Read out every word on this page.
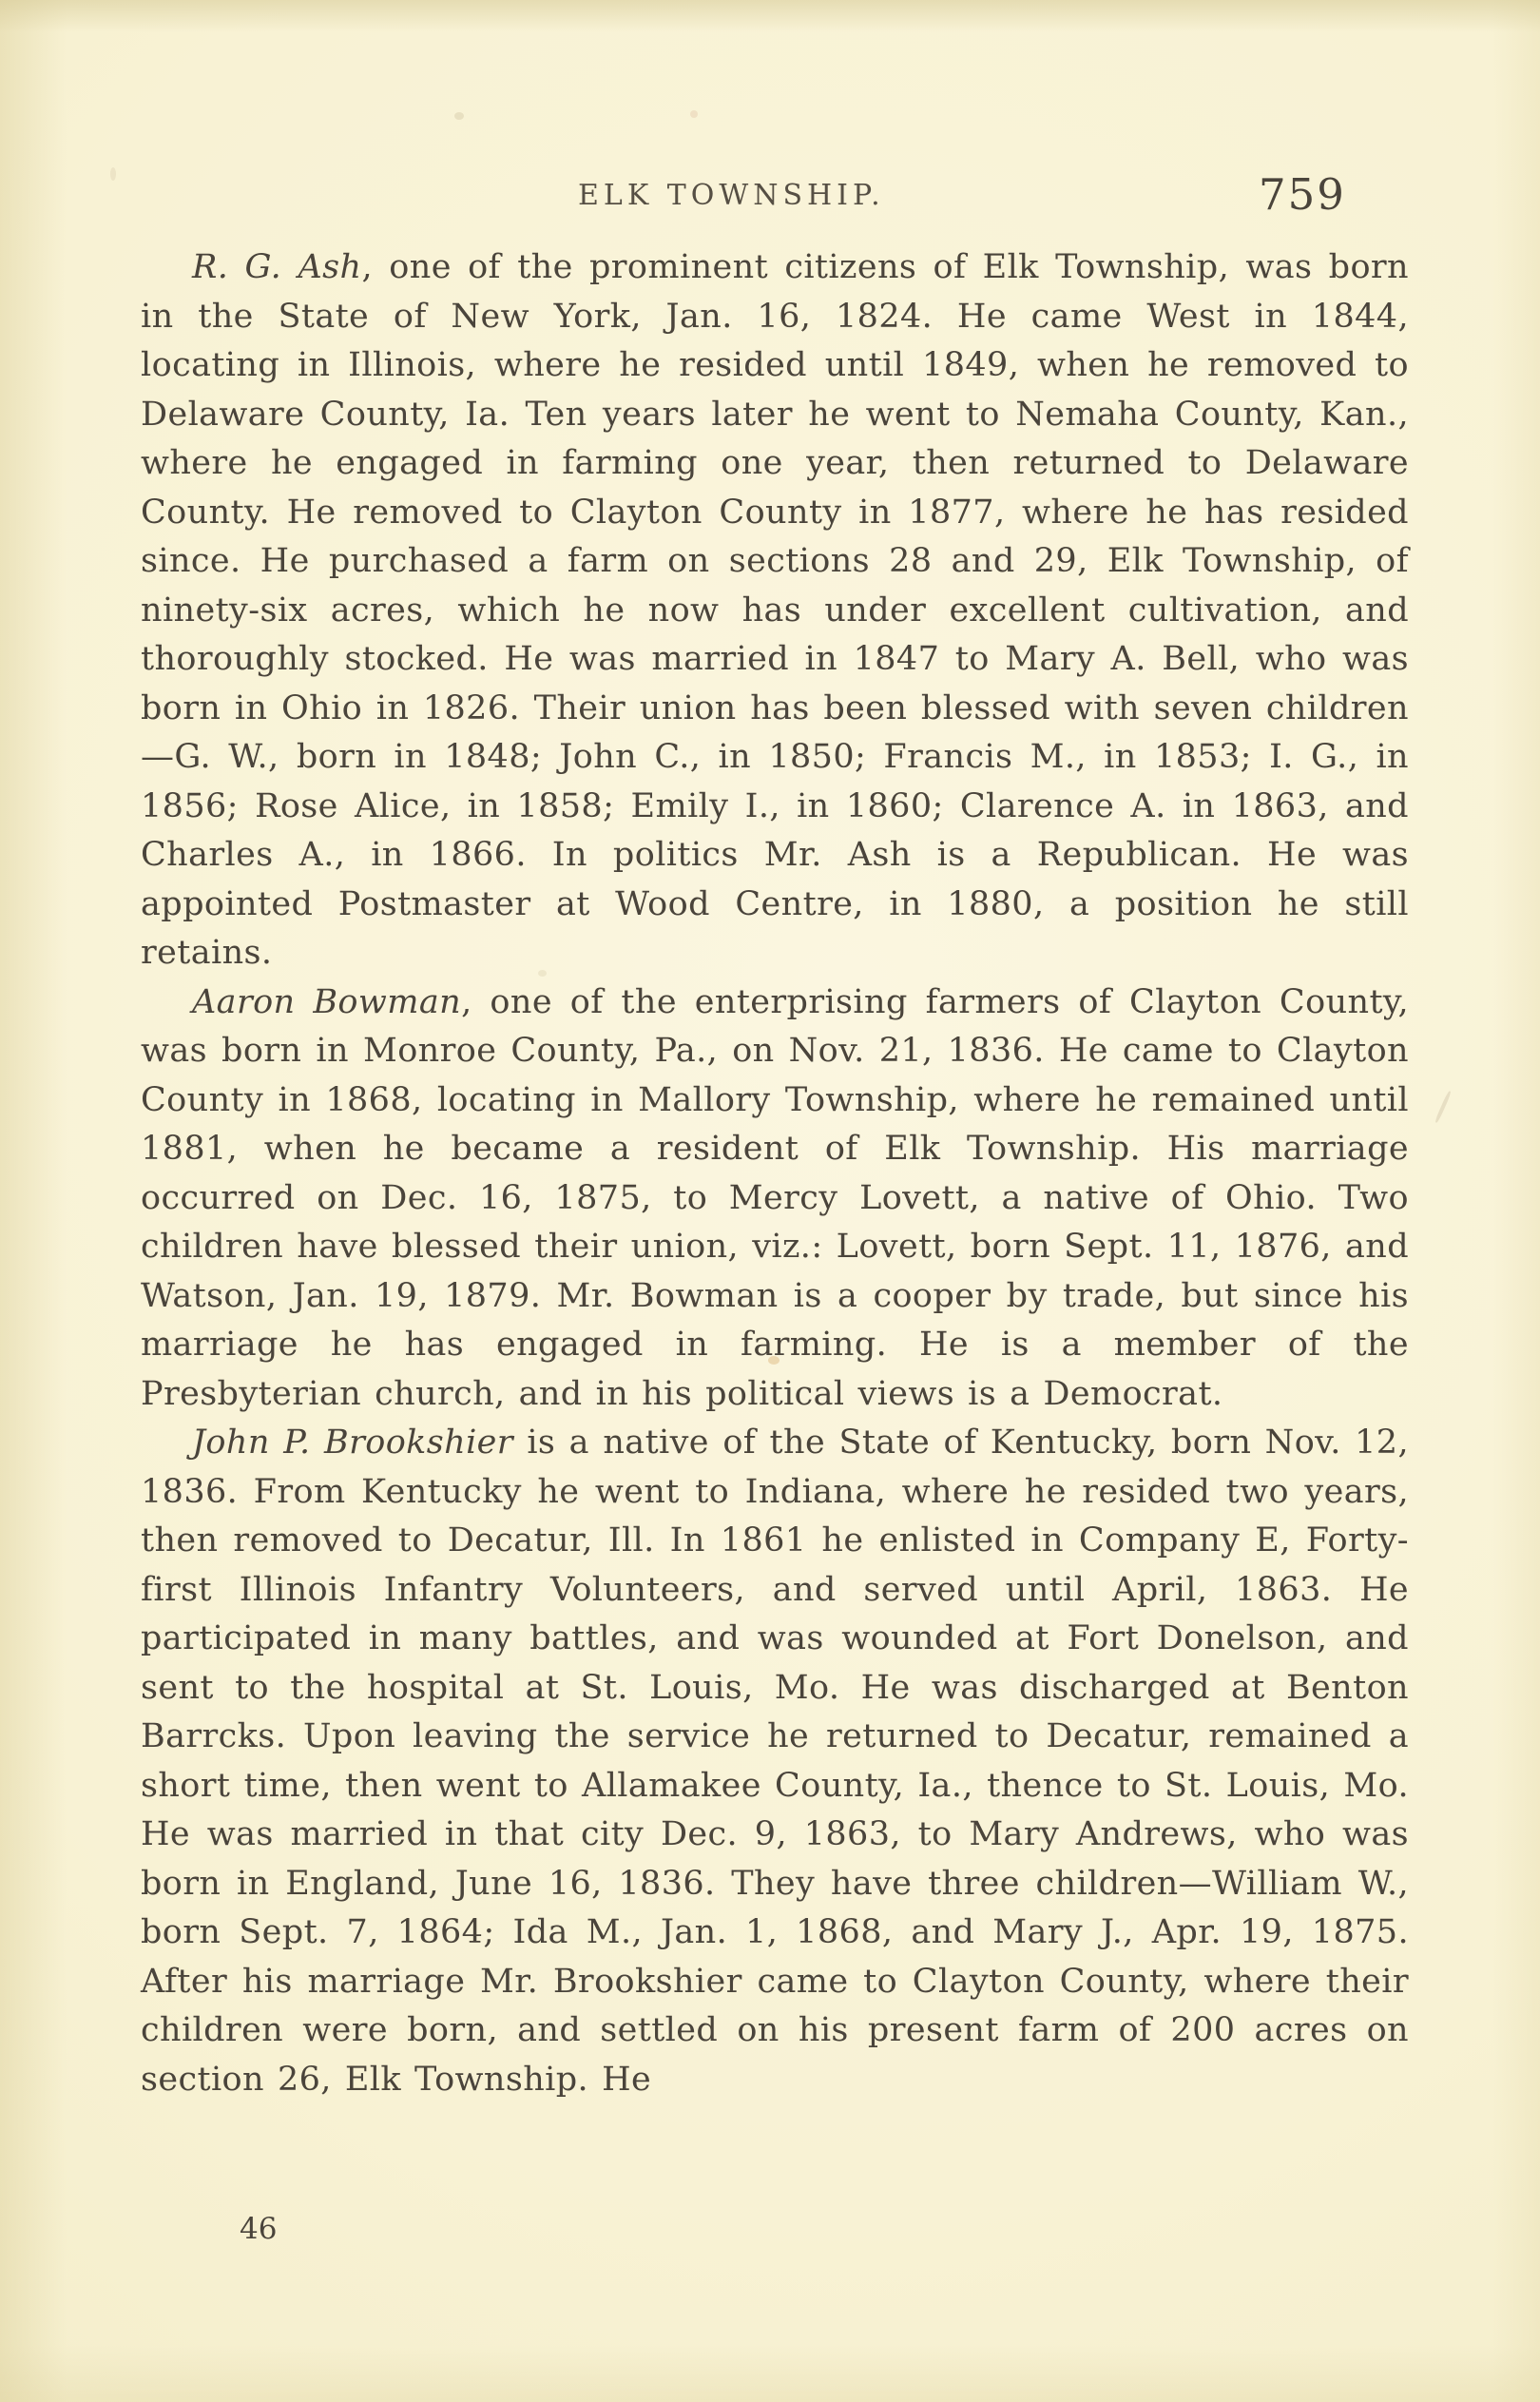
ELK TOWNSHIP.	759

R. G. Ash, one of the prominent citizens of Elk Township, was born in the State of New York, Jan. 16, 1824. He came West in 1844, locating in Illinois, where he resided until 1849, when he removed to Delaware County, Ia. Ten years later he went to Nemaha County, Kan., where he engaged in farming one year, then returned to Delaware County. He removed to Clayton County in 1877, where he has resided since. He purchased a farm on sections 28 and 29, Elk Township, of ninety-six acres, which he now has under excellent cultivation, and thoroughly stocked. He was married in 1847 to Mary A. Bell, who was born in Ohio in 1826. Their union has been blessed with seven children—G. W., born in 1848; John C., in 1850; Francis M., in 1853; I. G., in 1856; Rose Alice, in 1858; Emily I., in 1860; Clarence A. in 1863, and Charles A., in 1866. In politics Mr. Ash is a Republican. He was appointed Postmaster at Wood Centre, in 1880, a position he still retains.

Aaron Bowman, one of the enterprising farmers of Clayton County, was born in Monroe County, Pa., on Nov. 21, 1836. He came to Clayton County in 1868, locating in Mallory Township, where he remained until 1881, when he became a resident of Elk Township. His marriage occurred on Dec. 16, 1875, to Mercy Lovett, a native of Ohio. Two children have blessed their union, viz.: Lovett, born Sept. 11, 1876, and Watson, Jan. 19, 1879. Mr. Bowman is a cooper by trade, but since his marriage he has engaged in farming. He is a member of the Presbyterian church, and in his political views is a Democrat.

John P. Brookshier is a native of the State of Kentucky, born Nov. 12, 1836. From Kentucky he went to Indiana, where he resided two years, then removed to Decatur, Ill. In 1861 he enlisted in Company E, Forty-first Illinois Infantry Volunteers, and served until April, 1863. He participated in many battles, and was wounded at Fort Donelson, and sent to the hospital at St. Louis, Mo. He was discharged at Benton Barrcks. Upon leaving the service he returned to Decatur, remained a short time, then went to Allamakee County, Ia., thence to St. Louis, Mo. He was married in that city Dec. 9, 1863, to Mary Andrews, who was born in England, June 16, 1836. They have three children—William W., born Sept. 7, 1864; Ida M., Jan. 1, 1868, and Mary J., Apr. 19, 1875. After his marriage Mr. Brookshier came to Clayton County, where their children were born, and settled on his present farm of 200 acres on section 26, Elk Township. He

46
